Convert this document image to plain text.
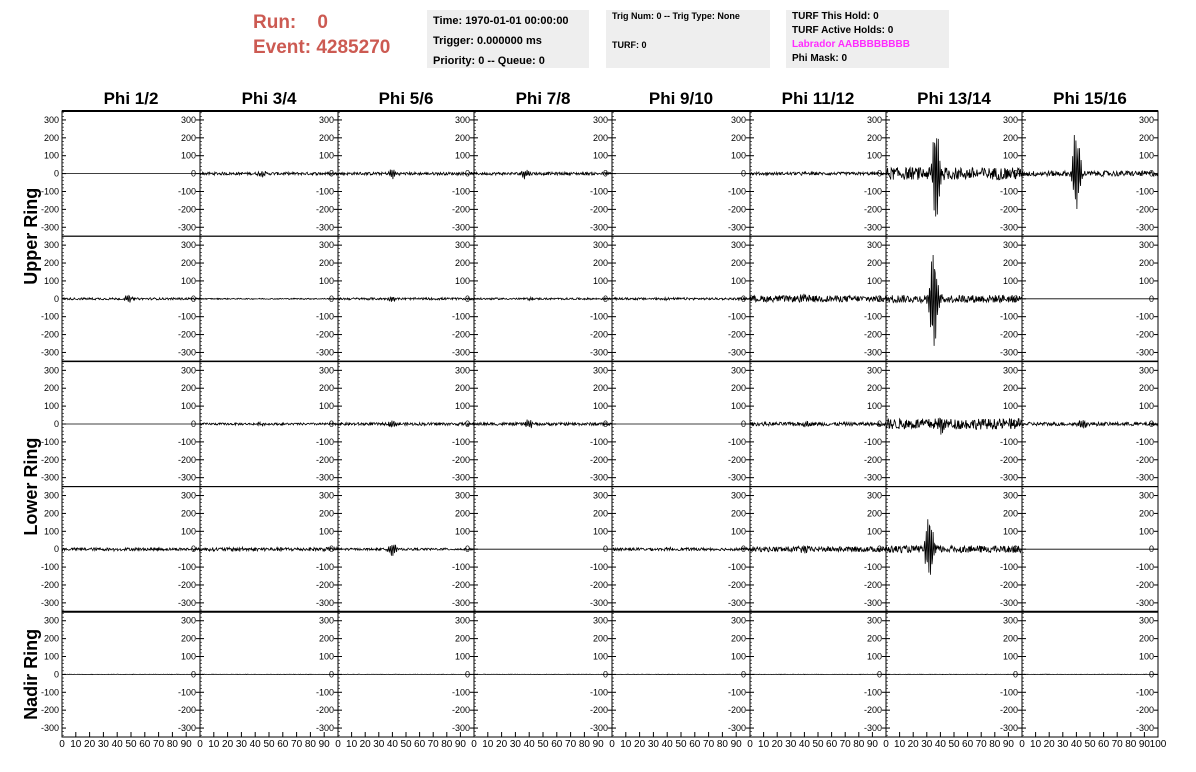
Run: 0
Event: 4285270
Time: 1970-01-01 00:00:00
Trigger: 0.000000 ms
Priority: 0 -- Queue: 0
Trig Num: 0 -- Trig Type: None
TURF: 0
TURF This Hold: 0
TURF Active Holds: 0
Labrador AABBBBBBBB
Phi Mask: 0
Phi 1/2	Phi 3/4	Phi 5/6	Phi 7/8	Phi 9/10	Phi 11/12	Phi 13/14	Phi 15/16
Upper Ring
Lower Ring
Nadir Ring
300	300
200	200
100	100
0	0
-100	-100
-200	-200
-300	-300
300
200
100
0
-100
-200
-300
300
200
100
0
-100
-200
-300
300
200
100
0
-100
-200
-300
300
200
100
0
-100
-200
-300
300
200
100
0
-100
-200
-300
300
200
100
0
-100
-200
-300
300
200
100
0
-100
-200
-300
300	300
200	200
100	100
0	0
-100	-100
-200	-200
-300	-300
300
200
100
0
-100
-200
-300
300
200
100
0
-100
-200
-300
300
200
100
0
-100
-200
-300
300
200
100
0
-100
-200
-300
300
200
100
0
-100
-200
-300
300
200
100
0
-100
-200
-300
300
200
100
0
-100
-200
-300
300	300
200	200
100	100
0	0
-100	-100
-200	-200
-300	-300
300
200
100
0
-100
-200
-300
300
200
100
0
-100
-200
-300
300
200
100
0
-100
-200
-300
300
200
100
0
-100
-200
-300
300
200
100
0
-100
-200
-300
300
200
100
0
-100
-200
-300
300
200
100
0
-100
-200
-300
300	300
200	200
100	100
0	0
-100	-100
-200	-200
-300	-300
300
200
100
0
-100
-200
-300
300
200
100
0
-100
-200
-300
300
200
100
0
-100
-200
-300
300
200
100
0
-100
-200
-300
300
200
100
0
-100
-200
-300
300
200
100
0
-100
-200
-300
300
200
100
0
-100
-200
-300
300	300
200	200
100	100
0	0
-100	-100
-200	-200
-300	-300
0 10 20 30 40 50 60 70 80 90
300
200
100
0
-100
-200
-300
0 10 20 30 40 50 60 70 80 90
300
200
100
0
-100
-200
-300
0 10 20 30 40 50 60 70 80 90
300
200
100
0
-100
-200
-300
0 10 20 30 40 50 60 70 80 90
300
200
100
0
-100
-200
-300
0 10 20 30 40 50 60 70 80 90
300
200
100
0
-100
-200
-300
0 10 20 30 40 50 60 70 80 90
300
200
100
0
-100
-200
-300
0 10 20 30 40 50 60 70 80 90
300
200
100
0
-100
-200
-300
0 10 20 30 40 50 60 70 80 90 100
